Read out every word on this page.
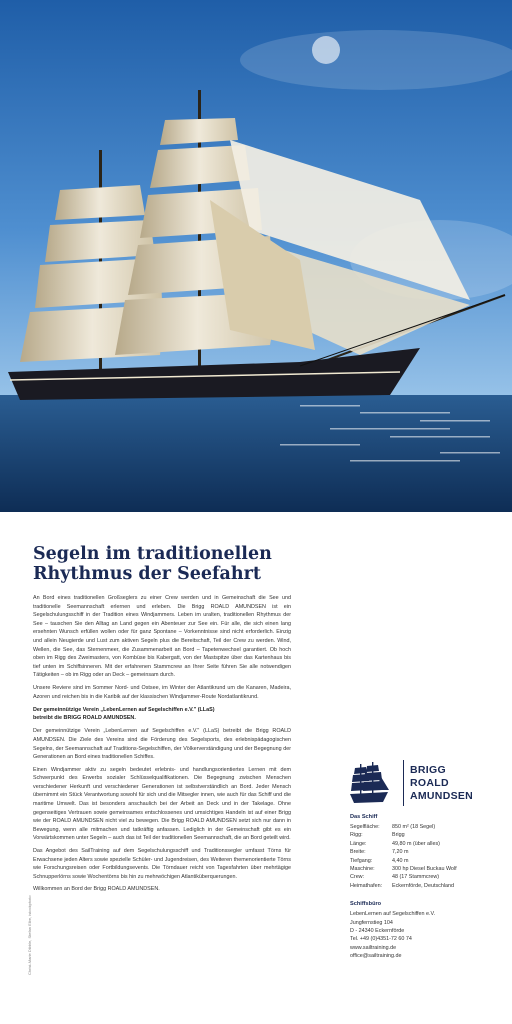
Christ-Marie Dibble, Stefan Elbe, istockphoto
Segeln im traditionellen
Rhythmus der Seefahrt

An Bord eines traditionellen Großseglers zu einer Crew werden und in Gemeinschaft die See und traditionelle Seemannschaft erlernen und erleben. Die Brigg ROALD AMUNDSEN ist ein Segelschulungsschiff in der Tradition eines Windjammers. Leben im uralten, traditionellen Rhythmus der See – tauschen Sie den Alltag an Land gegen ein Abenteuer zur See ein. Für alle, die sich einen lang ersehnten Wunsch erfüllen wollen oder für ganz Spontane – Vorkenntnisse sind nicht erforderlich. Einzig und allein Neugierde und Lust zum aktiven Segeln plus die Bereitschaft, Teil der Crew zu werden. Wind, Wellen, die See, das Sternenmeer, die Zusammenarbeit an Bord – Tapetenwechsel garantiert. Ob hoch oben im Rigg des Zweimasters, von Kombüse bis Kabergatt, von der Mastspitze über das Kartenhaus bis tief unten im Schiffsinneren. Mit der erfahrenen Stammcrew an Ihrer Seite führen Sie alle notwendigen Tätigkeiten – ob im Rigg oder an Deck – gemeinsam durch.

Unsere Reviere sind im Sommer Nord- und Ostsee, im Winter der Atlantikrund um die Kanaren, Madeira, Azoren und reichen bis in die Karibik auf der klassischen Windjammer-Route Nordatlantikrund.

Der gemeinnützige Verein „LebenLernen auf Segelschiffen e.V." (LLaS)
betreibt die BRIGG ROALD AMUNDSEN.

Der gemeinnützige Verein „LebenLernen auf Segelschiffen e.V." (LLaS) betreibt die Brigg ROALD AMUNDSEN. Die Ziele des Vereins sind die Förderung des Segelsports, des erlebnispädagogischen Segelns, der Seemannschaft auf Traditions-Segelschiffen, der Völkerverständigung und der Begegnung der Generationen an Bord eines traditionellen Schiffes.

Einen Windjammer aktiv zu segeln bedeutet erlebnis- und handlungsorientiertes Lernen mit dem Schwerpunkt des Erwerbs sozialer Schlüsselqualifikationen. Die Begegnung zwischen Menschen verschiedener Herkunft und verschiedener Generationen ist selbstverständlich an Bord. Jeder Mensch übernimmt ein Stück Verantwortung sowohl für sich und die Mitsegler innen, wie auch für das Schiff und die maritime Umwelt. Das ist besonders anschaulich bei der Arbeit an Deck und in der Takelage. Ohne gegenseitiges Vertrauen sowie gemeinsames entschlossenes und umsichtiges Handeln ist auf einer Brigg wie der ROALD AMUNDSEN nicht viel zu bewegen. Die Brigg ROALD AMUNDSEN setzt sich nur dann in Bewegung, wenn alle mitmachen und tatkräftig anfassen. Lediglich in der Gemeinschaft gibt es ein Vorwärtskommen unter Segeln – auch das ist Teil der traditionellen Seemannschaft, die an Bord geteilt wird.

Das Angebot des SailTraining auf dem Segelschulungsschiff und Traditionssegler umfasst Törns für Erwachsene jeden Alters sowie spezielle Schüler- und Jugendreisen, des Weiteren themenorientierte Törns wie Forschungsreisen oder Fortbildungsevents. Die Törndauer reicht von Tagesfahrten über mehrtägige Schnupperlörns sowie Wochentörns bis hin zu mehrwöchigen Atlantiküberquerungen.

Willkommen an Bord der Brigg ROALD AMUNDSEN.

BRIGG
ROALD
AMUNDSEN
Das Schiff
Segelfläche:	850 m² (18 Segel)
Rigg:	Brigg
Länge:	49,80 m (über alles)
Breite:	7,20 m
Tiefgang:	4,40 m
Maschine:	300 hp Diesel Buckau Wolf
Crew:	48 (17 Stammcrew)
Heimathafen:	Eckernförde, Deutschland
Schiffsbüro
LebenLernen auf Segelschiffen e.V.
Jungfernstieg 104
D - 24340 Eckernförde
Tel. +49 (0)4351-72 60 74
www.sailtraining.de
office@sailtraining.de
